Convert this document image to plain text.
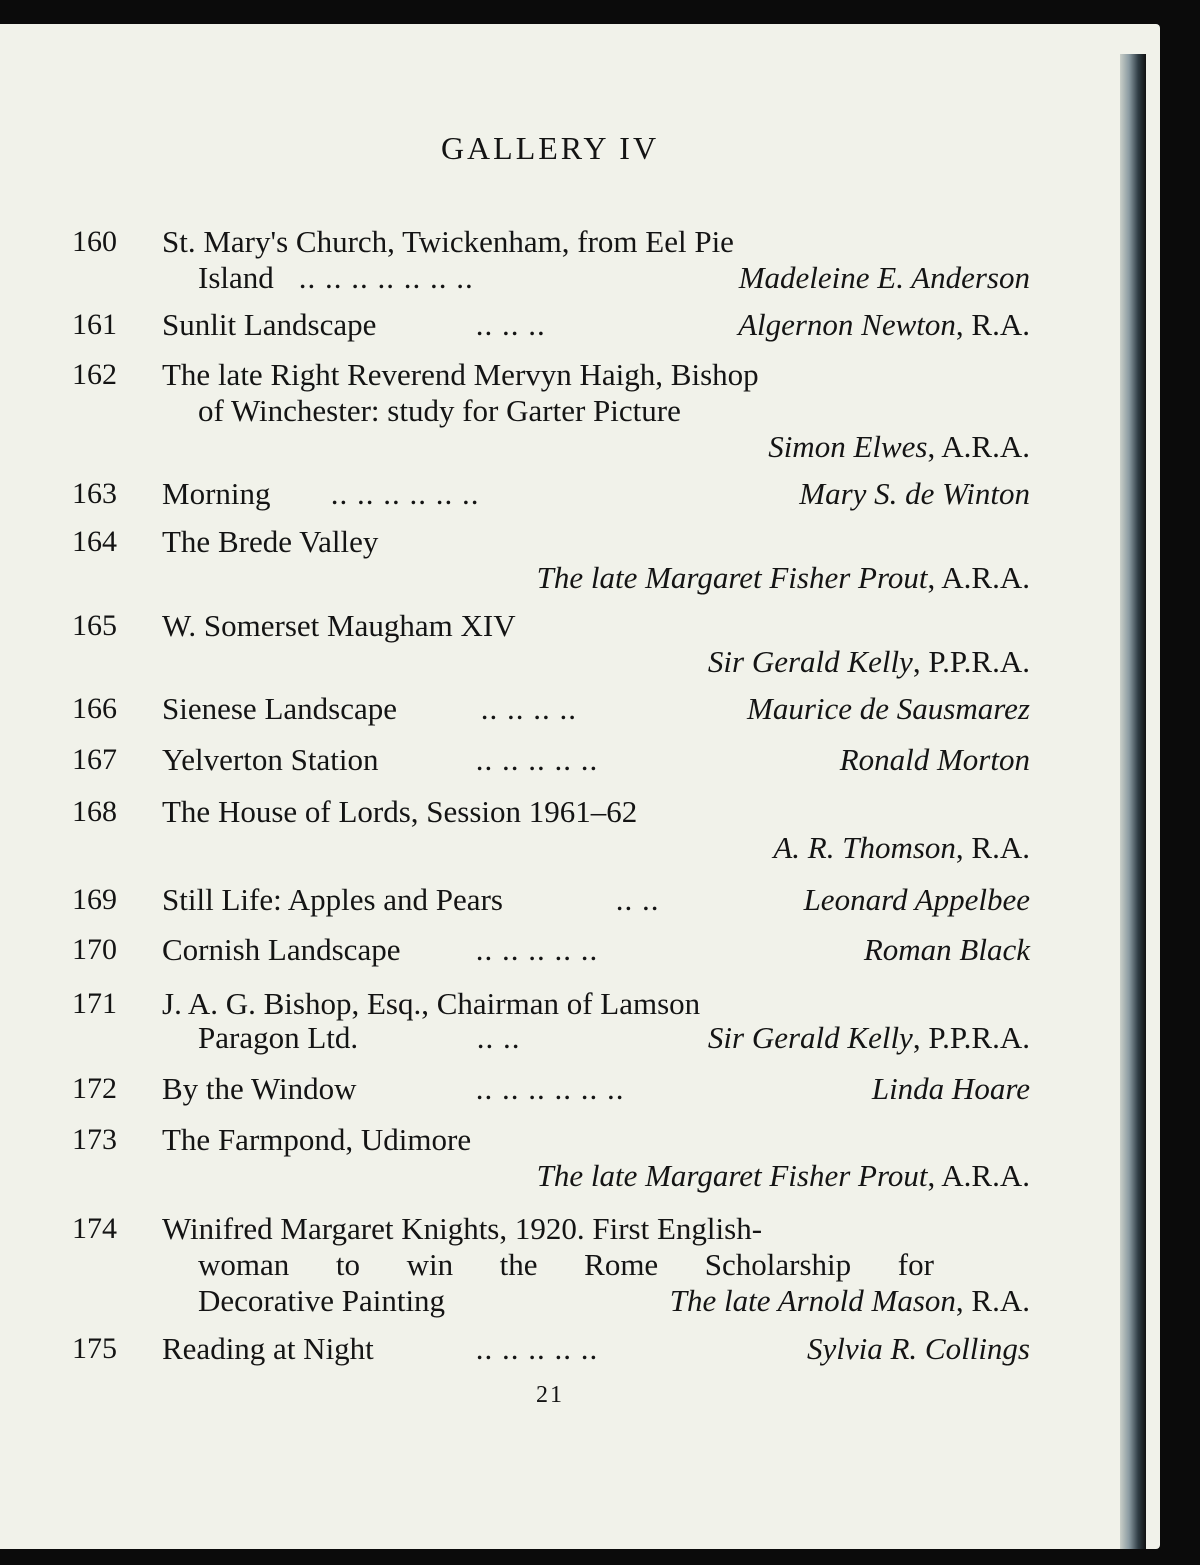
GALLERY IV
160 St. Mary's Church, Twickenham, from Eel Pie
Island .. .. .. .. .. .. ..	Madeleine E. Anderson
161 Sunlit Landscape	.. .. ..	Algernon Newton, R.A.
162 The late Right Reverend Mervyn Haigh, Bishop
of Winchester: study for Garter Picture
Simon Elwes, A.R.A.
163 Morning .. .. .. .. .. ..	Mary S. de Winton
164 The Brede Valley
The late Margaret Fisher Prout, A.R.A.
165 W. Somerset Maugham XIV
Sir Gerald Kelly, P.P.R.A.
166 Sienese Landscape .. .. .. ..	Maurice de Sausmarez
167 Yelverton Station	.. .. .. .. ..	Ronald Morton
168 The House of Lords, Session 1961–62
A. R. Thomson, R.A.
169 Still Life: Apples and Pears	.. ..	Leonard Appelbee
170 Cornish Landscape .. .. .. .. ..	Roman Black
171 J. A. G. Bishop, Esq., Chairman of Lamson
Paragon Ltd.	.. ..	Sir Gerald Kelly, P.P.R.A.
172 By the Window	.. .. .. .. .. ..	Linda Hoare
173 The Farmpond, Udimore
The late Margaret Fisher Prout, A.R.A.
174 Winifred Margaret Knights, 1920. First English-
woman to win the Rome Scholarship for
Decorative Painting	The late Arnold Mason, R.A.
175 Reading at Night	.. .. .. .. ..	Sylvia R. Collings
21
